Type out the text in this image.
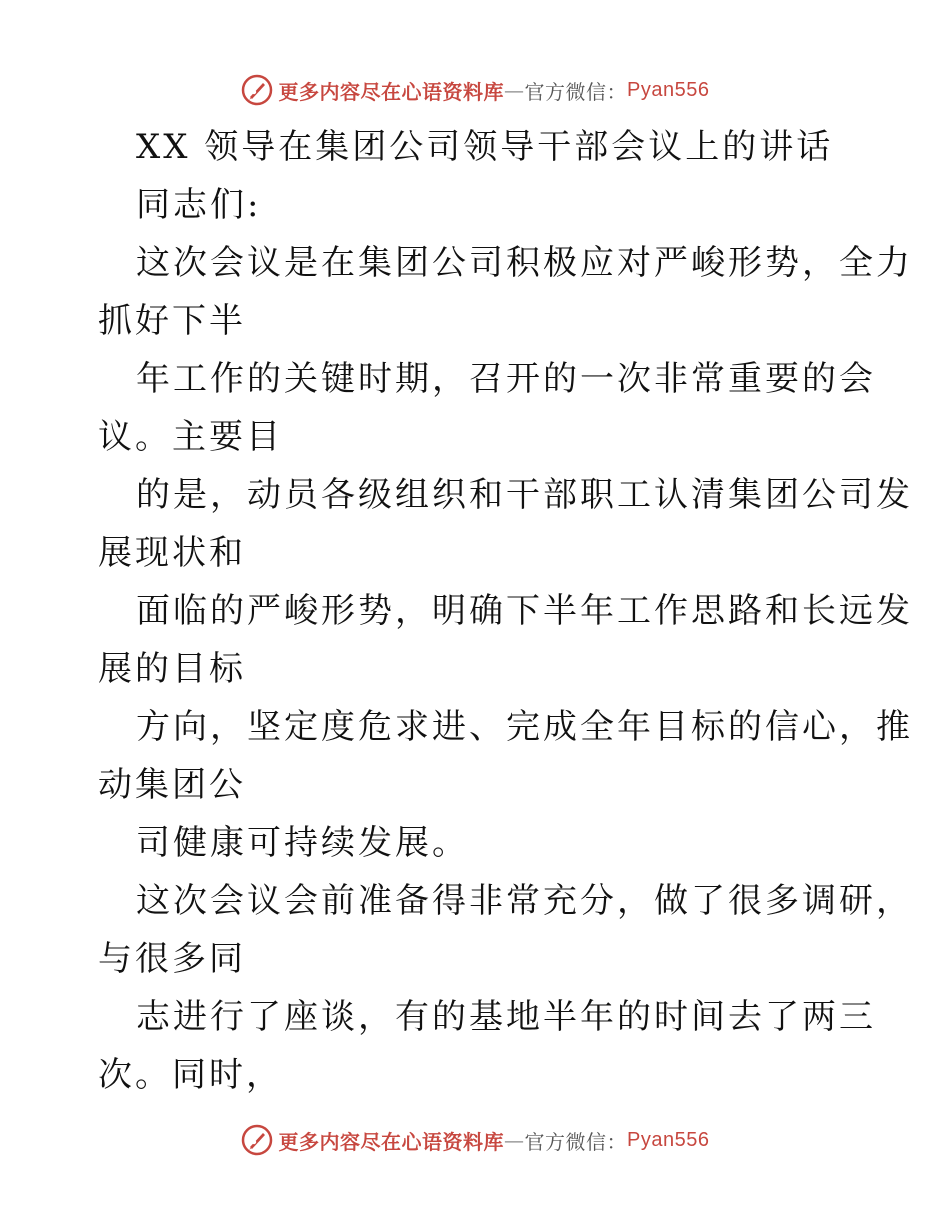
更多内容尽在心语资料库 — 官方微信： Pyan556
XX 领导在集团公司领导干部会议上的讲话
同志们:
这次会议是在集团公司积极应对严峻形势，全力
抓好下半
年工作的关键时期，召开的一次非常重要的会
议。主要目
的是，动员各级组织和干部职工认清集团公司发
展现状和
面临的严峻形势，明确下半年工作思路和长远发
展的目标
方向，坚定度危求进、完成全年目标的信心，推
动集团公
司健康可持续发展。
这次会议会前准备得非常充分，做了很多调研，
与很多同
志进行了座谈，有的基地半年的时间去了两三
次。同时，
更多内容尽在心语资料库 — 官方微信： Pyan556
